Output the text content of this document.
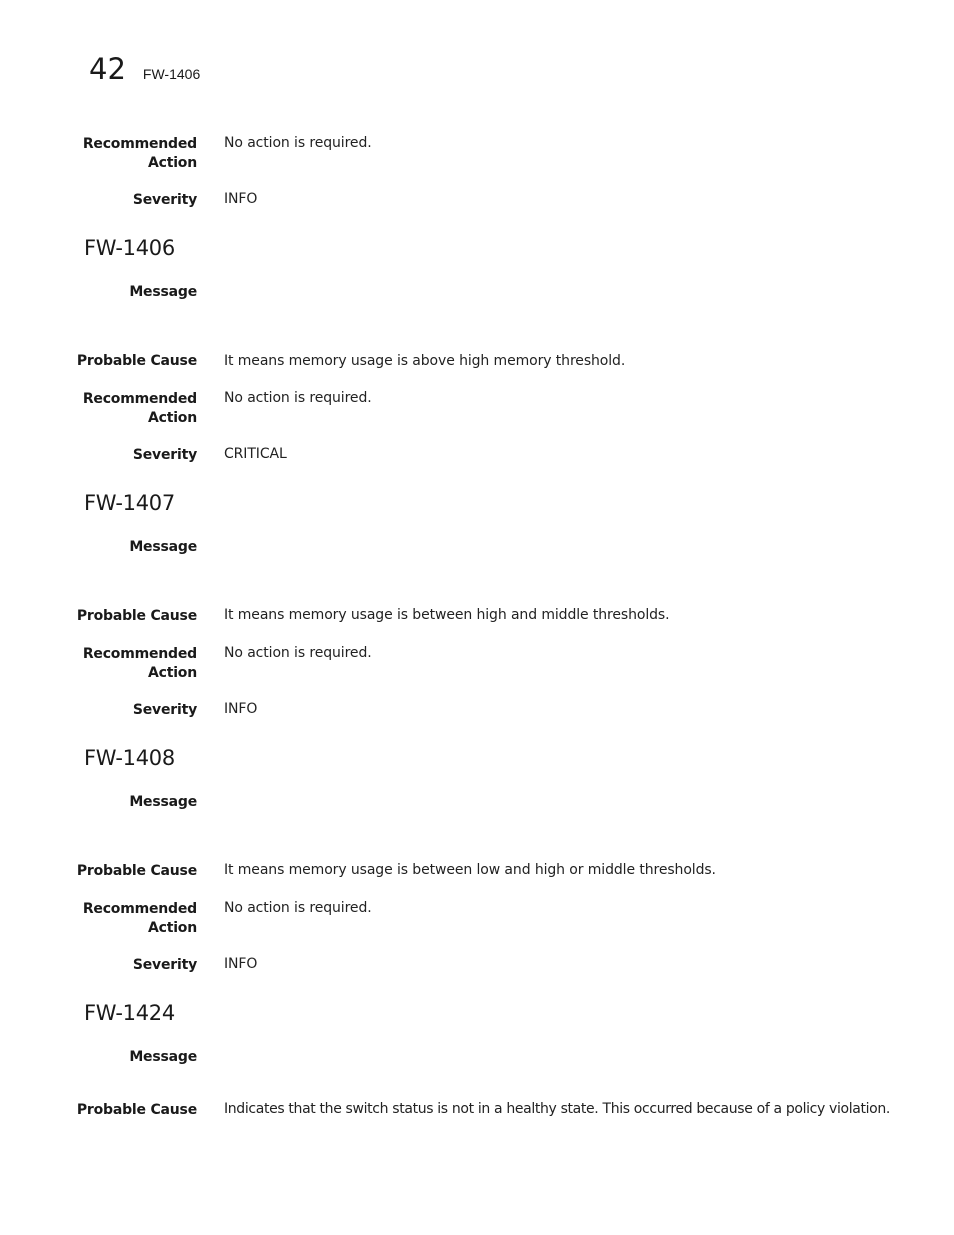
42 FW-1406
Recommended
Action
No action is required.
Severity INFO
FW-1406
Message
Probable Cause It means memory usage is above high memory threshold.
Recommended
Action
No action is required.
Severity CRITICAL
FW-1407
Message
Probable Cause It means memory usage is between high and middle thresholds.
Recommended
Action
No action is required.
Severity INFO
FW-1408
Message
Probable Cause It means memory usage is between low and high or middle thresholds.
Recommended
Action
No action is required.
Severity INFO
FW-1424
Message
Probable Cause Indicates that the switch status is not in a healthy state. This occurred because of a policy violation.
